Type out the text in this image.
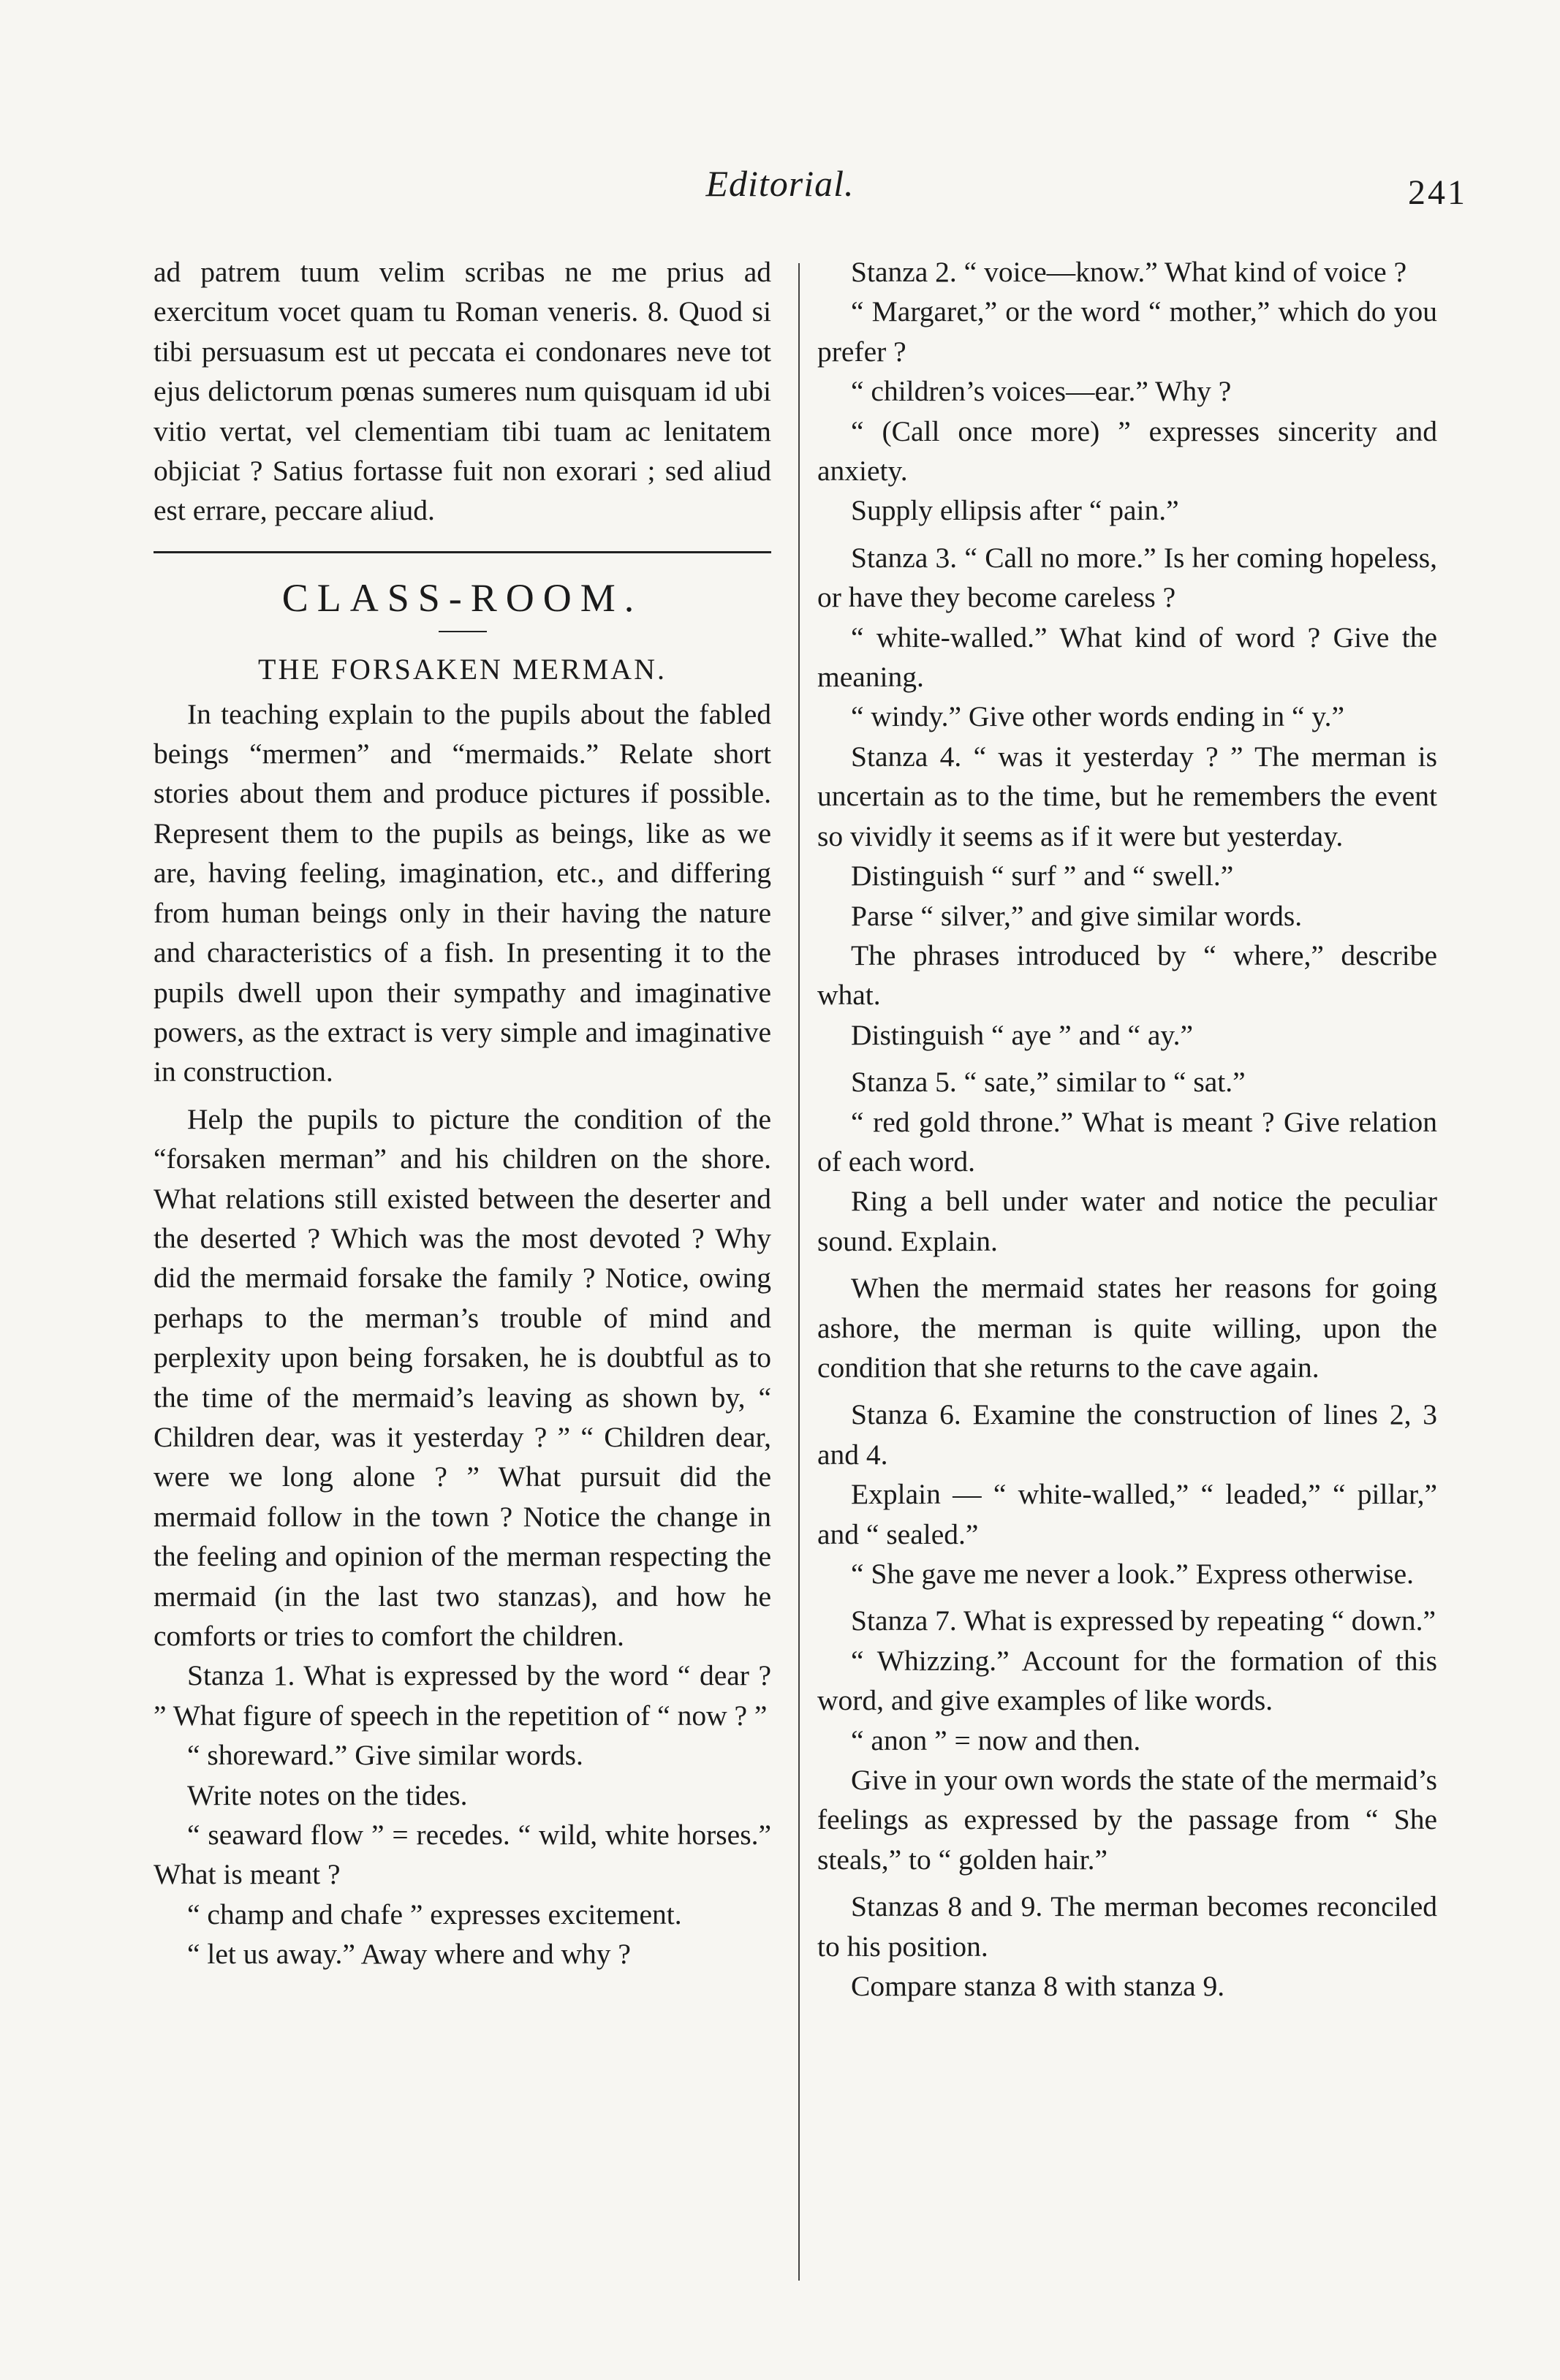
Editorial.	241

ad patrem tuum velim scribas ne me prius ad exercitum vocet quam tu Roman veneris. 8. Quod si tibi persuasum est ut peccata ei condonares neve tot ejus delictorum pœnas sumeres num quisquam id ubi vitio vertat, vel clementiam tibi tuam ac lenitatem objiciat ? Satius fortasse fuit non exorari ; sed aliud est errare, peccare aliud.

CLASS-ROOM.
THE FORSAKEN MERMAN.

In teaching explain to the pupils about the fabled beings “mermen” and “mermaids.” Relate short stories about them and produce pictures if possible. Represent them to the pupils as beings, like as we are, having feeling, imagination, etc., and differing from human beings only in their having the nature and characteristics of a fish. In presenting it to the pupils dwell upon their sympathy and imaginative powers, as the extract is very simple and imaginative in construction.

Help the pupils to picture the condition of the “forsaken merman” and his children on the shore. What relations still existed between the deserter and the deserted ? Which was the most devoted ? Why did the mermaid forsake the family ? Notice, owing perhaps to the merman’s trouble of mind and perplexity upon being forsaken, he is doubtful as to the time of the mermaid’s leaving as shown by, “ Children dear, was it yesterday ? ” “ Children dear, were we long alone ? ” What pursuit did the mermaid follow in the town ? Notice the change in the feeling and opinion of the merman respecting the mermaid (in the last two stanzas), and how he comforts or tries to comfort the children.

Stanza 1. What is expressed by the word “ dear ? ” What figure of speech in the repetition of “ now ? ”

“ shoreward.” Give similar words.

Write notes on the tides.

“ seaward flow ” = recedes. “ wild, white horses.” What is meant ?

“ champ and chafe ” expresses excitement.

“ let us away.” Away where and why ?

Stanza 2. “ voice—know.” What kind of voice ?

“ Margaret,” or the word “ mother,” which do you prefer ?

“ children’s voices—ear.” Why ?

“ (Call once more) ” expresses sincerity and anxiety.

Supply ellipsis after “ pain.”

Stanza 3. “ Call no more.” Is her coming hopeless, or have they become careless ?

“ white-walled.” What kind of word ? Give the meaning.

“ windy.” Give other words ending in “ y.”

Stanza 4. “ was it yesterday ? ” The merman is uncertain as to the time, but he remembers the event so vividly it seems as if it were but yesterday.

Distinguish “ surf ” and “ swell.”

Parse “ silver,” and give similar words.

The phrases introduced by “ where,” describe what.

Distinguish “ aye ” and “ ay.”

Stanza 5. “ sate,” similar to “ sat.”

“ red gold throne.” What is meant ? Give relation of each word.

Ring a bell under water and notice the peculiar sound. Explain.

When the mermaid states her reasons for going ashore, the merman is quite willing, upon the condition that she returns to the cave again.

Stanza 6. Examine the construction of lines 2, 3 and 4.

Explain — “ white-walled,” “ leaded,” “ pillar,” and “ sealed.”

“ She gave me never a look.” Express otherwise.

Stanza 7. What is expressed by repeating “ down.”

“ Whizzing.” Account for the formation of this word, and give examples of like words.

“ anon ” = now and then.

Give in your own words the state of the mermaid’s feelings as expressed by the passage from “ She steals,” to “ golden hair.”

Stanzas 8 and 9. The merman becomes reconciled to his position.

Compare stanza 8 with stanza 9.
